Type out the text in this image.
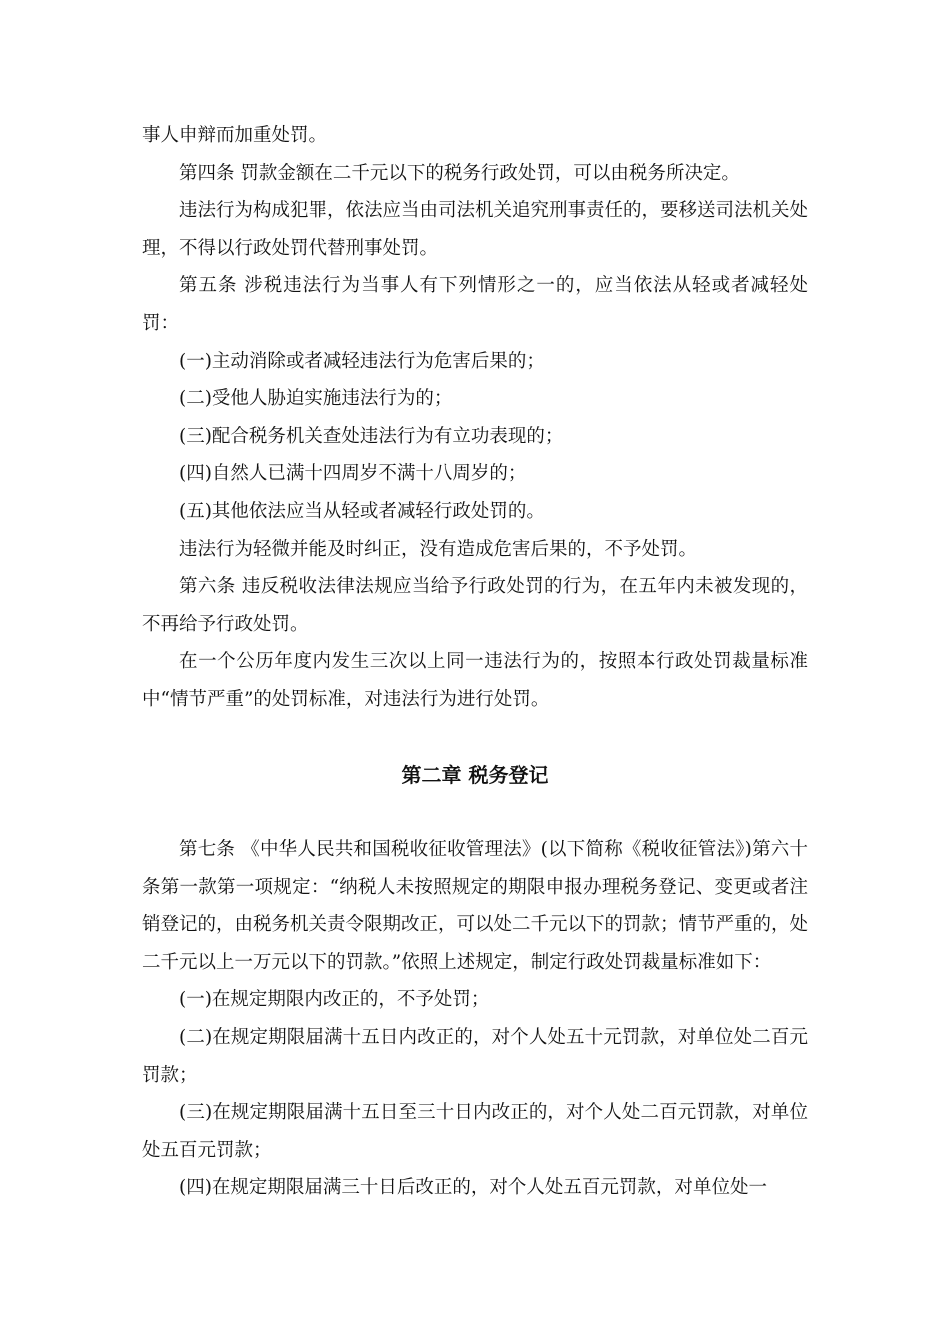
事人申辩而加重处罚。

第四条 罚款金额在二千元以下的税务行政处罚，可以由税务所决定。

违法行为构成犯罪，依法应当由司法机关追究刑事责任的，要移送司法机关处理，不得以行政处罚代替刑事处罚。

第五条 涉税违法行为当事人有下列情形之一的，应当依法从轻或者减轻处罚：

(一)主动消除或者减轻违法行为危害后果的；

(二)受他人胁迫实施违法行为的；

(三)配合税务机关查处违法行为有立功表现的；

(四)自然人已满十四周岁不满十八周岁的；

(五)其他依法应当从轻或者减轻行政处罚的。

违法行为轻微并能及时纠正，没有造成危害后果的，不予处罚。

第六条 违反税收法律法规应当给予行政处罚的行为，在五年内未被发现的，不再给予行政处罚。

在一个公历年度内发生三次以上同一违法行为的，按照本行政处罚裁量标准中“情节严重”的处罚标准，对违法行为进行处罚。

第二章 税务登记

第七条 《中华人民共和国税收征收管理法》(以下简称《税收征管法》)第六十条第一款第一项规定：“纳税人未按照规定的期限申报办理税务登记、变更或者注销登记的，由税务机关责令限期改正，可以处二千元以下的罚款；情节严重的，处二千元以上一万元以下的罚款。”依照上述规定，制定行政处罚裁量标准如下：

(一)在规定期限内改正的，不予处罚；

(二)在规定期限届满十五日内改正的，对个人处五十元罚款，对单位处二百元罚款；

(三)在规定期限届满十五日至三十日内改正的，对个人处二百元罚款，对单位处五百元罚款；

(四)在规定期限届满三十日后改正的，对个人处五百元罚款，对单位处一
